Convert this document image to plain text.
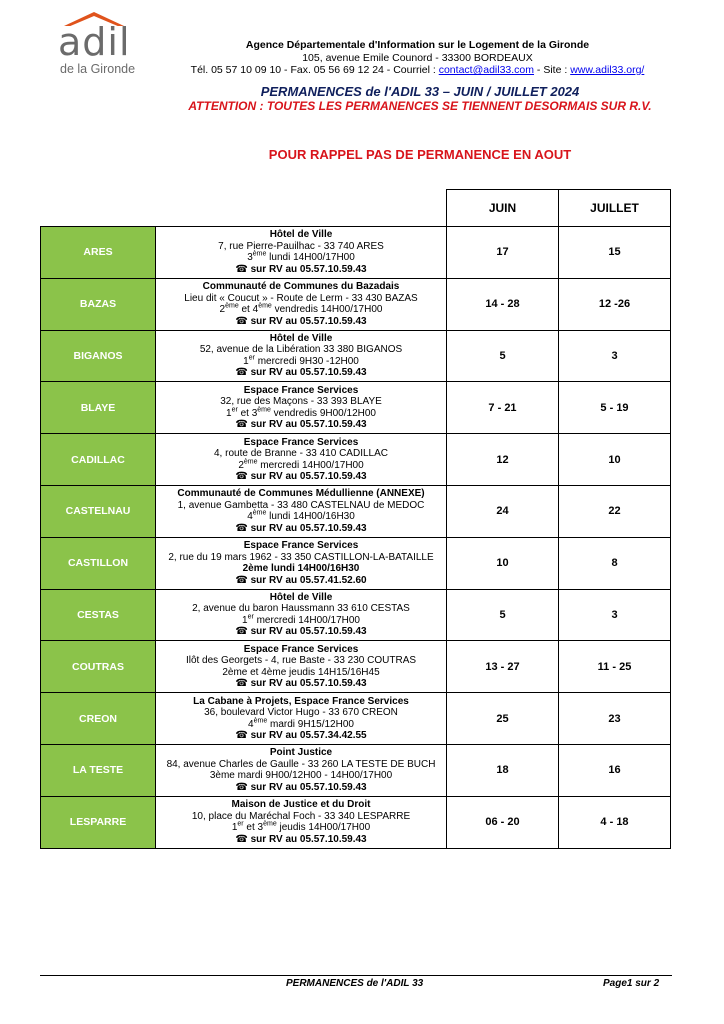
adil
de la Gironde
Agence Départementale d'Information sur le Logement de la Gironde
105, avenue Emile Counord - 33300 BORDEAUX
Tél. 05 57 10 09 10 - Fax. 05 56 69 12 24 - Courriel : contact@adil33.com - Site : www.adil33.org/
PERMANENCES de l'ADIL 33 – JUIN / JUILLET 2024
ATTENTION : TOUTES LES PERMANENCES SE TIENNENT DESORMAIS SUR R.V.
POUR RAPPEL PAS DE PERMANENCE EN AOUT
		JUIN	JUILLET
ARES	Hôtel de Ville
7, rue Pierre-Pauilhac - 33 740 ARES
3ème lundi 14H00/17H00
☎ sur RV au 05.57.10.59.43	17	15
BAZAS	Communauté de Communes du Bazadais
Lieu dit « Coucut » - Route de Lerm - 33 430 BAZAS
2ème et 4ème vendredis 14H00/17H00
☎ sur RV au 05.57.10.59.43	14 - 28	12 -26
BIGANOS	Hôtel de Ville
52, avenue de la Libération 33 380 BIGANOS
1er mercredi 9H30 -12H00
☎ sur RV au 05.57.10.59.43	5	3
BLAYE	Espace France Services
32, rue des Maçons - 33 393 BLAYE
1er et 3ème vendredis 9H00/12H00
☎ sur RV au 05.57.10.59.43	7 - 21	5 - 19
CADILLAC	Espace France Services
4, route de Branne - 33 410 CADILLAC
2ème mercredi 14H00/17H00
☎ sur RV au 05.57.10.59.43	12	10
CASTELNAU	Communauté de Communes Médullienne (ANNEXE)
1, avenue Gambetta - 33 480 CASTELNAU de MEDOC
4ème lundi 14H00/16H30
☎ sur RV au 05.57.10.59.43	24	22
CASTILLON	Espace France Services
2, rue du 19 mars 1962 - 33 350 CASTILLON-LA-BATAILLE
2ème lundi 14H00/16H30
☎ sur RV au 05.57.41.52.60	10	8
CESTAS	Hôtel de Ville
2, avenue du baron Haussmann 33 610 CESTAS
1er mercredi 14H00/17H00
☎ sur RV au 05.57.10.59.43	5	3
COUTRAS	Espace France Services
Ilôt des Georgets - 4, rue Baste - 33 230 COUTRAS
2ème et 4ème jeudis 14H15/16H45
☎ sur RV au 05.57.10.59.43	13 - 27	11 - 25
CREON	La Cabane à Projets, Espace France Services
36, boulevard Victor Hugo - 33 670 CREON
4ème mardi 9H15/12H00
☎ sur RV au 05.57.34.42.55	25	23
LA TESTE	Point Justice
84, avenue Charles de Gaulle - 33 260 LA TESTE DE BUCH
3ème mardi 9H00/12H00 - 14H00/17H00
☎ sur RV au 05.57.10.59.43	18	16
LESPARRE	Maison de Justice et du Droit
10, place du Maréchal Foch - 33 340 LESPARRE
1er et 3ème jeudis 14H00/17H00
☎ sur RV au 05.57.10.59.43	06 - 20	4 - 18
PERMANENCES de l'ADIL 33	Page1 sur 2
